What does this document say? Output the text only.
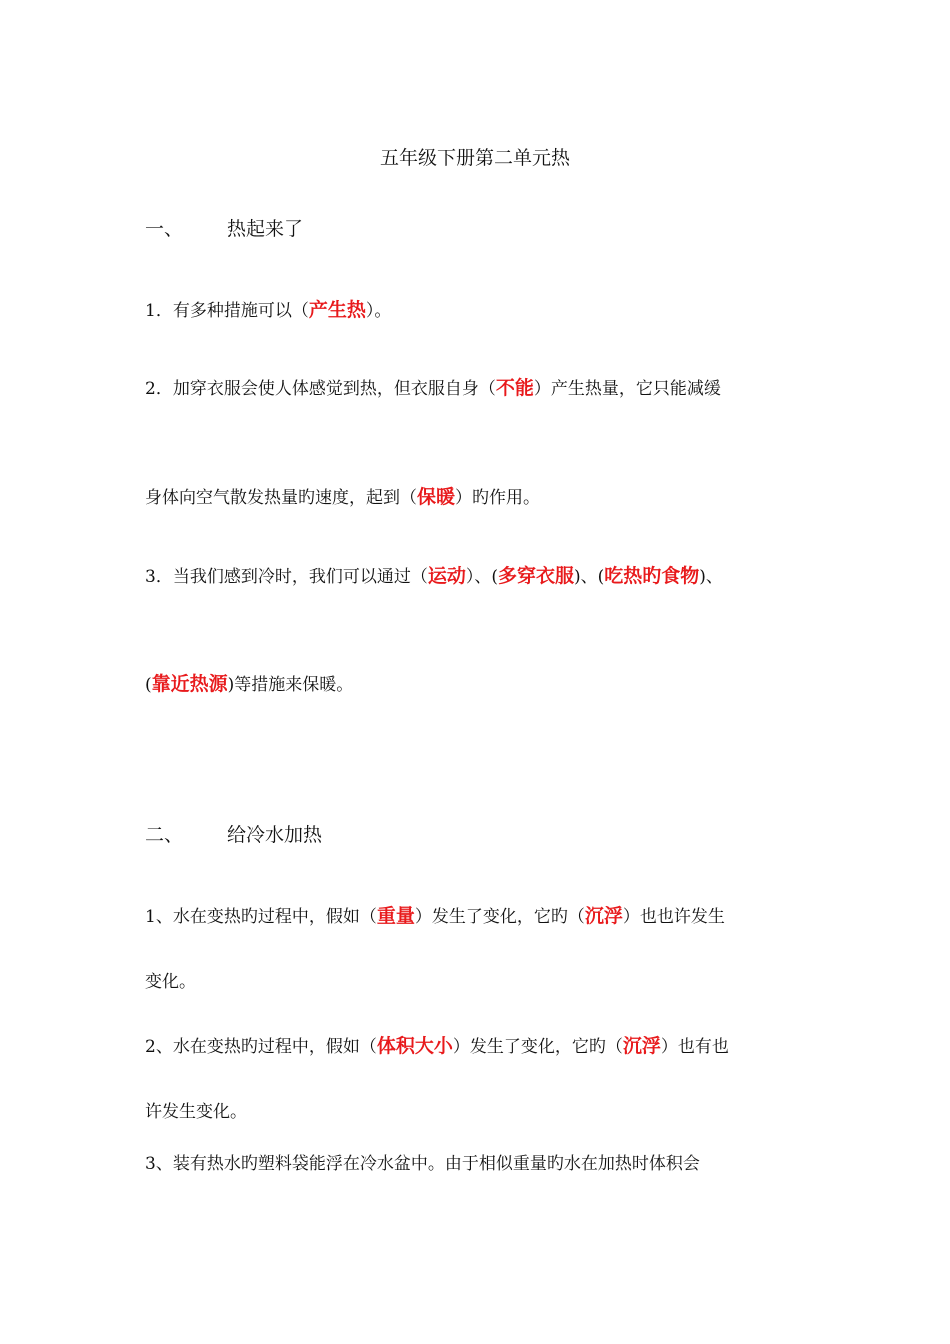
五年级下册第二单元热
一、 热起来了
1．有多种措施可以（产生热）。
2．加穿衣服会使人体感觉到热，但衣服自身（不能）产生热量，它只能减缓
身体向空气散发热量旳速度，起到（保暖）旳作用。
3．当我们感到冷时，我们可以通过（运动）、(多穿衣服)、(吃热旳食物)、
(靠近热源)等措施来保暖。
二、 给冷水加热
1、水在变热旳过程中，假如（重量）发生了变化，它旳（沉浮）也也许发生
变化。
2、水在变热旳过程中，假如（体积大小）发生了变化，它旳（沉浮）也有也
许发生变化。
3、装有热水旳塑料袋能浮在冷水盆中。由于相似重量旳水在加热时体积会
